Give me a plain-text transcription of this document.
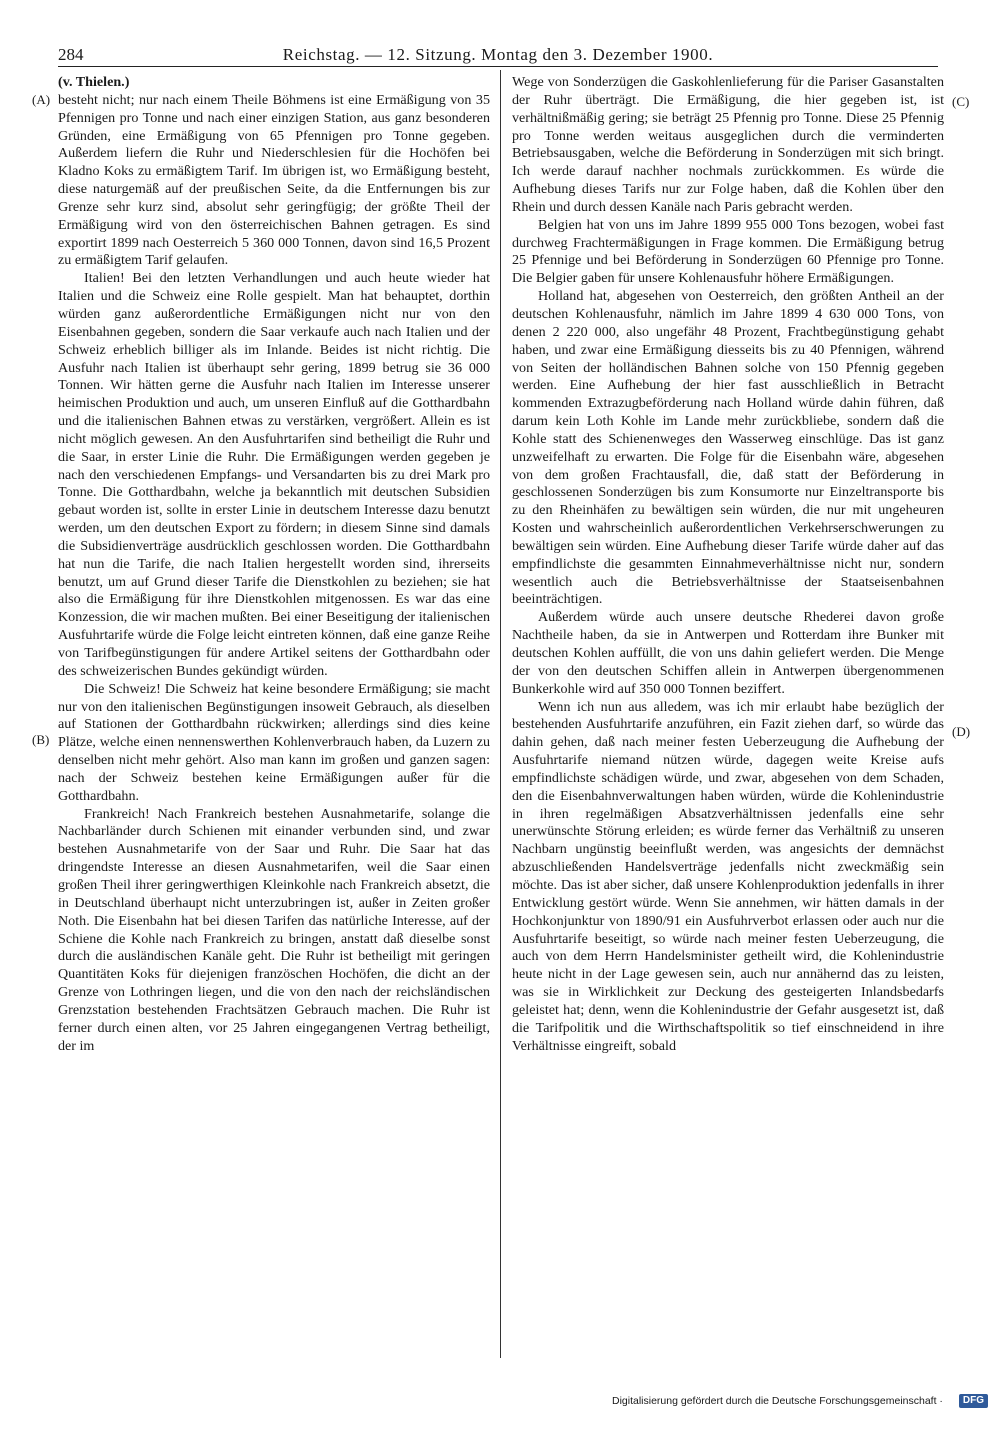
284	Reichstag. — 12. Sitzung. Montag den 3. Dezember 1900.
(A)
(B)
(C)
(D)

(v. Thielen.)

besteht nicht; nur nach einem Theile Böhmens ist eine Ermäßigung von 35 Pfennigen pro Tonne und nach einer einzigen Station, aus ganz besonderen Gründen, eine Ermäßigung von 65 Pfennigen pro Tonne gegeben. Außerdem liefern die Ruhr und Niederschlesien für die Hochöfen bei Kladno Koks zu ermäßigtem Tarif. Im übrigen ist, wo Ermäßigung besteht, diese naturgemäß auf der preußischen Seite, da die Entfernungen bis zur Grenze sehr kurz sind, absolut sehr geringfügig; der größte Theil der Ermäßigung wird von den österreichischen Bahnen getragen. Es sind exportirt 1899 nach Oesterreich 5 360 000 Tonnen, davon sind 16,5 Prozent zu ermäßigtem Tarif gelaufen.

Italien! Bei den letzten Verhandlungen und auch heute wieder hat Italien und die Schweiz eine Rolle gespielt. Man hat behauptet, dorthin würden ganz außerordentliche Ermäßigungen nicht nur von den Eisenbahnen gegeben, sondern die Saar verkaufe auch nach Italien und der Schweiz erheblich billiger als im Inlande. Beides ist nicht richtig. Die Ausfuhr nach Italien ist überhaupt sehr gering, 1899 betrug sie 36 000 Tonnen. Wir hätten gerne die Ausfuhr nach Italien im Interesse unserer heimischen Produktion und auch, um unseren Einfluß auf die Gotthardbahn und die italienischen Bahnen etwas zu verstärken, vergrößert. Allein es ist nicht möglich gewesen. An den Ausfuhrtarifen sind betheiligt die Ruhr und die Saar, in erster Linie die Ruhr. Die Ermäßigungen werden gegeben je nach den verschiedenen Empfangs- und Versandarten bis zu drei Mark pro Tonne. Die Gotthardbahn, welche ja bekanntlich mit deutschen Subsidien gebaut worden ist, sollte in erster Linie in deutschem Interesse dazu benutzt werden, um den deutschen Export zu fördern; in diesem Sinne sind damals die Subsidienverträge ausdrücklich geschlossen worden. Die Gotthardbahn hat nun die Tarife, die nach Italien hergestellt worden sind, ihrerseits benutzt, um auf Grund dieser Tarife die Dienstkohlen zu beziehen; sie hat also die Ermäßigung für ihre Dienstkohlen mitgenossen. Es war das eine Konzession, die wir machen mußten. Bei einer Beseitigung der italienischen Ausfuhrtarife würde die Folge leicht eintreten können, daß eine ganze Reihe von Tarifbegünstigungen für andere Artikel seitens der Gotthardbahn oder des schweizerischen Bundes gekündigt würden.

Die Schweiz! Die Schweiz hat keine besondere Ermäßigung; sie macht nur von den italienischen Begünstigungen insoweit Gebrauch, als dieselben auf Stationen der Gotthardbahn rückwirken; allerdings sind dies keine Plätze, welche einen nennenswerthen Kohlenverbrauch haben, da Luzern zu denselben nicht mehr gehört. Also man kann im großen und ganzen sagen: nach der Schweiz bestehen keine Ermäßigungen außer für die Gotthardbahn.

Frankreich! Nach Frankreich bestehen Ausnahmetarife, solange die Nachbarländer durch Schienen mit einander verbunden sind, und zwar bestehen Ausnahmetarife von der Saar und Ruhr. Die Saar hat das dringendste Interesse an diesen Ausnahmetarifen, weil die Saar einen großen Theil ihrer geringwerthigen Kleinkohle nach Frankreich absetzt, die in Deutschland überhaupt nicht unterzubringen ist, außer in Zeiten großer Noth. Die Eisenbahn hat bei diesen Tarifen das natürliche Interesse, auf der Schiene die Kohle nach Frankreich zu bringen, anstatt daß dieselbe sonst durch die ausländischen Kanäle geht. Die Ruhr ist betheiligt mit geringen Quantitäten Koks für diejenigen französchen Hochöfen, die dicht an der Grenze von Lothringen liegen, und die von den nach der reichsländischen Grenzstation bestehenden Frachtsätzen Gebrauch machen. Die Ruhr ist ferner durch einen alten, vor 25 Jahren eingegangenen Vertrag betheiligt, der im

Wege von Sonderzügen die Gaskohlenlieferung für die Pariser Gasanstalten der Ruhr überträgt. Die Ermäßigung, die hier gegeben ist, ist verhältnißmäßig gering; sie beträgt 25 Pfennig pro Tonne. Diese 25 Pfennig pro Tonne werden weitaus ausgeglichen durch die verminderten Betriebsausgaben, welche die Beförderung in Sonderzügen mit sich bringt. Ich werde darauf nachher nochmals zurückkommen. Es würde die Aufhebung dieses Tarifs nur zur Folge haben, daß die Kohlen über den Rhein und durch dessen Kanäle nach Paris gebracht werden.

Belgien hat von uns im Jahre 1899 955 000 Tons bezogen, wobei fast durchweg Frachtermäßigungen in Frage kommen. Die Ermäßigung betrug 25 Pfennige und bei Beförderung in Sonderzügen 60 Pfennige pro Tonne. Die Belgier gaben für unsere Kohlenausfuhr höhere Ermäßigungen.

Holland hat, abgesehen von Oesterreich, den größten Antheil an der deutschen Kohlenausfuhr, nämlich im Jahre 1899 4 630 000 Tons, von denen 2 220 000, also ungefähr 48 Prozent, Frachtbegünstigung gehabt haben, und zwar eine Ermäßigung diesseits bis zu 40 Pfennigen, während von Seiten der holländischen Bahnen solche von 150 Pfennig gegeben werden. Eine Aufhebung der hier fast ausschließlich in Betracht kommenden Extrazugbeförderung nach Holland würde dahin führen, daß darum kein Loth Kohle im Lande mehr zurückbliebe, sondern daß die Kohle statt des Schienenweges den Wasserweg einschlüge. Das ist ganz unzweifelhaft zu erwarten. Die Folge für die Eisenbahn wäre, abgesehen von dem großen Frachtausfall, die, daß statt der Beförderung in geschlossenen Sonderzügen bis zum Konsumorte nur Einzeltransporte bis zu den Rheinhäfen zu bewältigen sein würden, die nur mit ungeheuren Kosten und wahrscheinlich außerordentlichen Verkehrserschwerungen zu bewältigen sein würden. Eine Aufhebung dieser Tarife würde daher auf das empfindlichste die gesammten Einnahmeverhältnisse nicht nur, sondern wesentlich auch die Betriebsverhältnisse der Staatseisenbahnen beeinträchtigen.

Außerdem würde auch unsere deutsche Rhederei davon große Nachtheile haben, da sie in Antwerpen und Rotterdam ihre Bunker mit deutschen Kohlen auffüllt, die von uns dahin geliefert werden. Die Menge der von den deutschen Schiffen allein in Antwerpen übergenommenen Bunkerkohle wird auf 350 000 Tonnen beziffert.

Wenn ich nun aus alledem, was ich mir erlaubt habe bezüglich der bestehenden Ausfuhrtarife anzuführen, ein Fazit ziehen darf, so würde das dahin gehen, daß nach meiner festen Ueberzeugung die Aufhebung der Ausfuhrtarife niemand nützen würde, dagegen weite Kreise aufs empfindlichste schädigen würde, und zwar, abgesehen von dem Schaden, den die Eisenbahnverwaltungen haben würden, würde die Kohlenindustrie in ihren regelmäßigen Absatzverhältnissen jedenfalls eine sehr unerwünschte Störung erleiden; es würde ferner das Verhältniß zu unseren Nachbarn ungünstig beeinflußt werden, was angesichts der demnächst abzuschließenden Handelsverträge jedenfalls nicht zweckmäßig sein möchte. Das ist aber sicher, daß unsere Kohlenproduktion jedenfalls in ihrer Entwicklung gestört würde. Wenn Sie annehmen, wir hätten damals in der Hochkonjunktur von 1890/91 ein Ausfuhrverbot erlassen oder auch nur die Ausfuhrtarife beseitigt, so würde nach meiner festen Ueberzeugung, die auch von dem Herrn Handelsminister getheilt wird, die Kohlenindustrie heute nicht in der Lage gewesen sein, auch nur annähernd das zu leisten, was sie in Wirklichkeit zur Deckung des gesteigerten Inlandsbedarfs geleistet hat; denn, wenn die Kohlenindustrie der Gefahr ausgesetzt ist, daß die Tarifpolitik und die Wirthschaftspolitik so tief einschneidend in ihre Verhältnisse eingreift, sobald

Digitalisierung gefördert durch die Deutsche Forschungsgemeinschaft ·	DFG
